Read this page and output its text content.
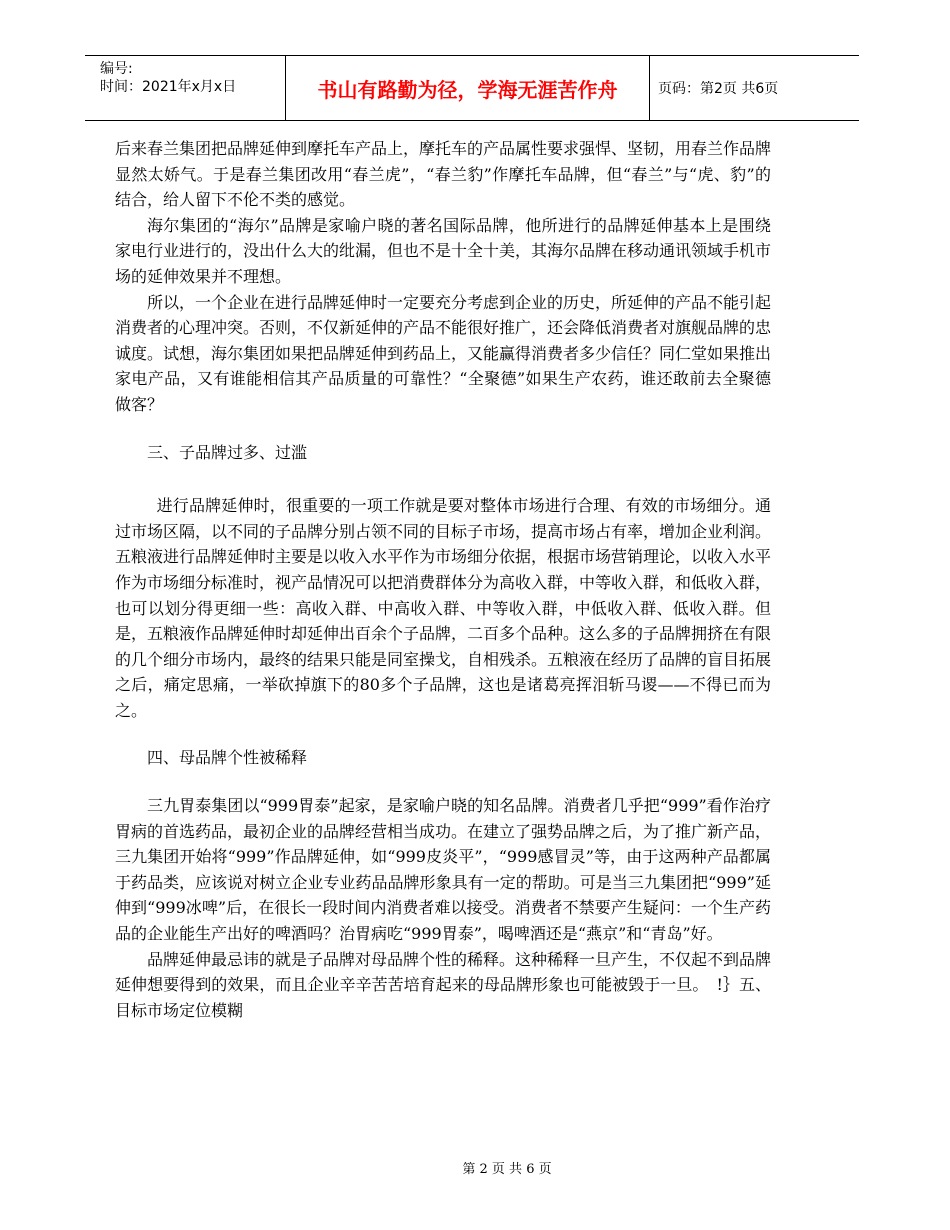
编号:
时间：2021年x月x日	书山有路勤为径，学海无涯苦作舟	页码：第2页 共6页

后来春兰集团把品牌延伸到摩托车产品上，摩托车的产品属性要求强悍、坚韧，用春兰作品牌显然太娇气。于是春兰集团改用“春兰虎”，“春兰豹”作摩托车品牌，但“春兰”与“虎、豹”的结合，给人留下不伦不类的感觉。

海尔集团的“海尔”品牌是家喻户晓的著名国际品牌，他所进行的品牌延伸基本上是围绕家电行业进行的，没出什么大的纰漏，但也不是十全十美，其海尔品牌在移动通讯领域手机市场的延伸效果并不理想。

所以，一个企业在进行品牌延伸时一定要充分考虑到企业的历史，所延伸的产品不能引起消费者的心理冲突。否则，不仅新延伸的产品不能很好推广，还会降低消费者对旗舰品牌的忠诚度。试想，海尔集团如果把品牌延伸到药品上，又能赢得消费者多少信任？同仁堂如果推出家电产品，又有谁能相信其产品质量的可靠性？“全聚德”如果生产农药，谁还敢前去全聚德做客？

三、子品牌过多、过滥

进行品牌延伸时，很重要的一项工作就是要对整体市场进行合理、有效的市场细分。通过市场区隔，以不同的子品牌分别占领不同的目标子市场，提高市场占有率，增加企业利润。五粮液进行品牌延伸时主要是以收入水平作为市场细分依据，根据市场营销理论，以收入水平作为市场细分标准时，视产品情况可以把消费群体分为高收入群，中等收入群，和低收入群，也可以划分得更细一些：高收入群、中高收入群、中等收入群，中低收入群、低收入群。但是，五粮液作品牌延伸时却延伸出百余个子品牌，二百多个品种。这么多的子品牌拥挤在有限的几个细分市场内，最终的结果只能是同室操戈，自相残杀。五粮液在经历了品牌的盲目拓展之后，痛定思痛，一举砍掉旗下的80多个子品牌，这也是诸葛亮挥泪斩马谡——不得已而为之。

四、母品牌个性被稀释

三九胃泰集团以“999胃泰”起家，是家喻户晓的知名品牌。消费者几乎把“999”看作治疗胃病的首选药品，最初企业的品牌经营相当成功。在建立了强势品牌之后，为了推广新产品，三九集团开始将“999”作品牌延伸，如“999皮炎平”，“999感冒灵”等，由于这两种产品都属于药品类，应该说对树立企业专业药品品牌形象具有一定的帮助。可是当三九集团把“999”延伸到“999冰啤”后，在很长一段时间内消费者难以接受。消费者不禁要产生疑问：一个生产药品的企业能生产出好的啤酒吗？治胃病吃“999胃泰”，喝啤酒还是“燕京”和“青岛”好。

品牌延伸最忌讳的就是子品牌对母品牌个性的稀释。这种稀释一旦产生，不仅起不到品牌延伸想要得到的效果，而且企业辛辛苦苦培育起来的母品牌形象也可能被毁于一旦。　!｝五、目标市场定位模糊

第 2 页 共 6 页
